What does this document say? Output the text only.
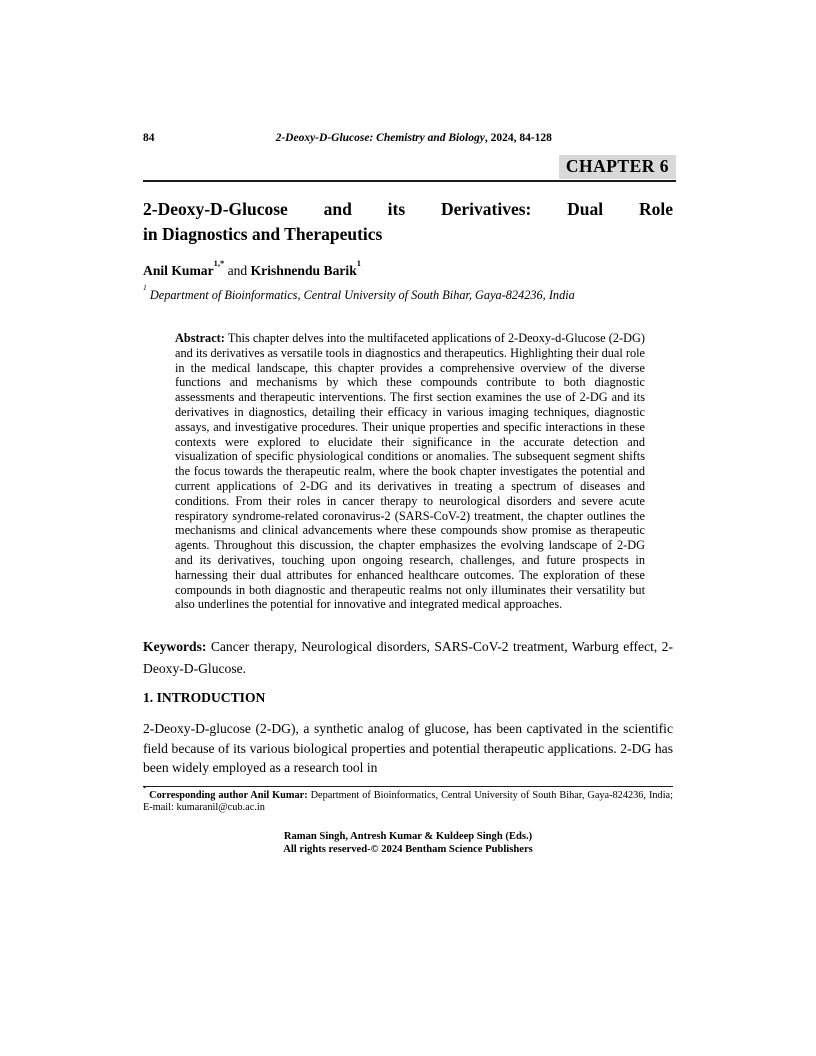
84	2-Deoxy-D-Glucose: Chemistry and Biology, 2024, 84-128
CHAPTER 6
2-Deoxy-D-Glucose and its Derivatives: Dual Role
in Diagnostics and Therapeutics
Anil Kumar$^{1,*}$ and Krishnendu Barik$^1$
$^1$ Department of Bioinformatics, Central University of South Bihar, Gaya-824236, India
Abstract: This chapter delves into the multifaceted applications of 2-Deoxy-d-Glucose (2-DG) and its derivatives as versatile tools in diagnostics and therapeutics. Highlighting their dual role in the medical landscape, this chapter provides a comprehensive overview of the diverse functions and mechanisms by which these compounds contribute to both diagnostic assessments and therapeutic interventions. The first section examines the use of 2-DG and its derivatives in diagnostics, detailing their efficacy in various imaging techniques, diagnostic assays, and investigative procedures. Their unique properties and specific interactions in these contexts were explored to elucidate their significance in the accurate detection and visualization of specific physiological conditions or anomalies. The subsequent segment shifts the focus towards the therapeutic realm, where the book chapter investigates the potential and current applications of 2-DG and its derivatives in treating a spectrum of diseases and conditions. From their roles in cancer therapy to neurological disorders and severe acute respiratory syndrome-related coronavirus-2 (SARS-CoV-2) treatment, the chapter outlines the mechanisms and clinical advancements where these compounds show promise as therapeutic agents. Throughout this discussion, the chapter emphasizes the evolving landscape of 2-DG and its derivatives, touching upon ongoing research, challenges, and future prospects in harnessing their dual attributes for enhanced healthcare outcomes. The exploration of these compounds in both diagnostic and therapeutic realms not only illuminates their versatility but also underlines the potential for innovative and integrated medical approaches.
Keywords: Cancer therapy, Neurological disorders, SARS-CoV-2 treatment, Warburg effect, 2-Deoxy-D-Glucose.
1. INTRODUCTION
2-Deoxy-D-glucose (2-DG), a synthetic analog of glucose, has been captivated in the scientific field because of its various biological properties and potential therapeutic applications. 2-DG has been widely employed as a research tool in
* Corresponding author Anil Kumar: Department of Bioinformatics, Central University of South Bihar, Gaya-824236, India; E-mail: kumaranil@cub.ac.in
Raman Singh, Antresh Kumar & Kuldeep Singh (Eds.)
All rights reserved-© 2024 Bentham Science Publishers
